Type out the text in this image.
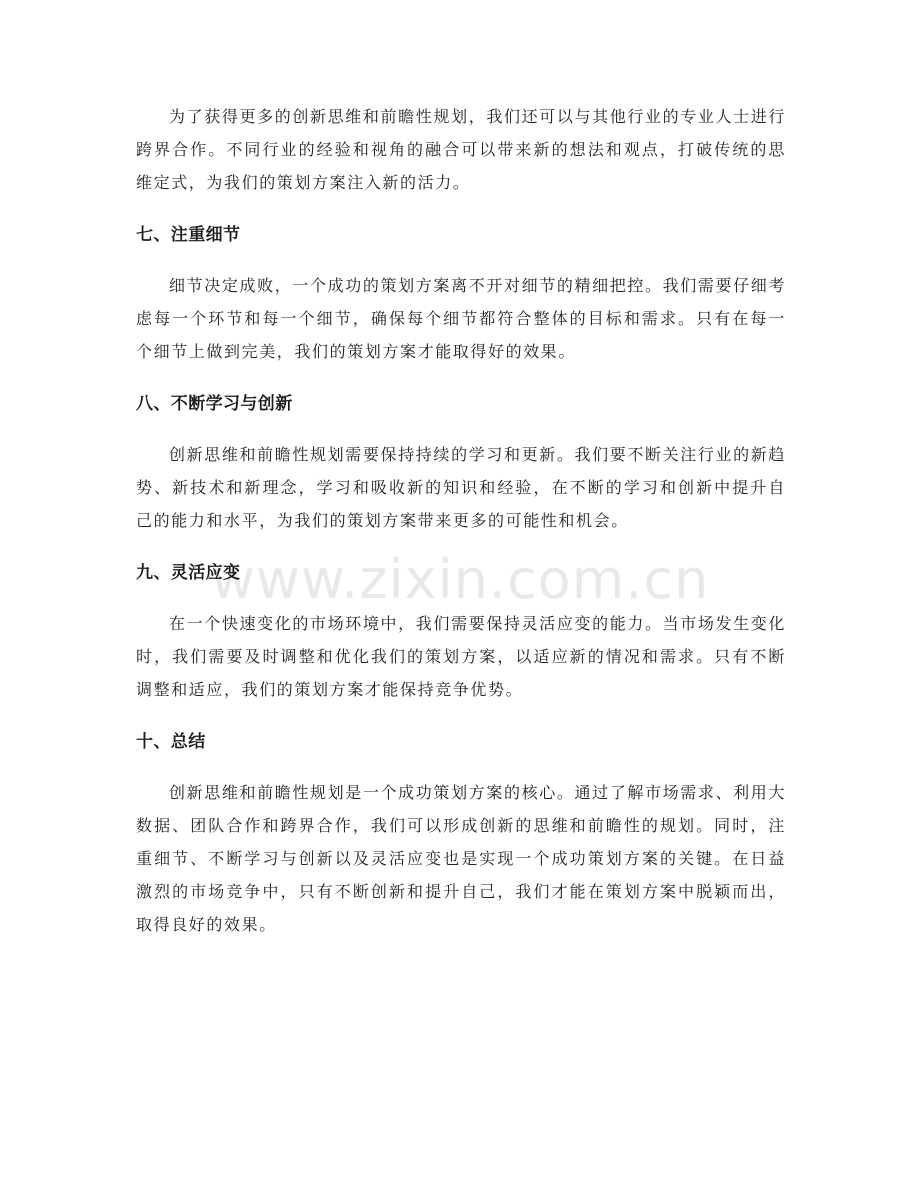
为了获得更多的创新思维和前瞻性规划，我们还可以与其他行业的专业人士进行跨界合作。不同行业的经验和视角的融合可以带来新的想法和观点，打破传统的思维定式，为我们的策划方案注入新的活力。

七、注重细节

细节决定成败，一个成功的策划方案离不开对细节的精细把控。我们需要仔细考虑每一个环节和每一个细节，确保每个细节都符合整体的目标和需求。只有在每一个细节上做到完美，我们的策划方案才能取得好的效果。

八、不断学习与创新

创新思维和前瞻性规划需要保持持续的学习和更新。我们要不断关注行业的新趋势、新技术和新理念，学习和吸收新的知识和经验，在不断的学习和创新中提升自己的能力和水平，为我们的策划方案带来更多的可能性和机会。

九、灵活应变

在一个快速变化的市场环境中，我们需要保持灵活应变的能力。当市场发生变化时，我们需要及时调整和优化我们的策划方案，以适应新的情况和需求。只有不断调整和适应，我们的策划方案才能保持竞争优势。

十、总结

创新思维和前瞻性规划是一个成功策划方案的核心。通过了解市场需求、利用大数据、团队合作和跨界合作，我们可以形成创新的思维和前瞻性的规划。同时，注重细节、不断学习与创新以及灵活应变也是实现一个成功策划方案的关键。在日益激烈的市场竞争中，只有不断创新和提升自己，我们才能在策划方案中脱颖而出，取得良好的效果。

www.zixin.com.cn
